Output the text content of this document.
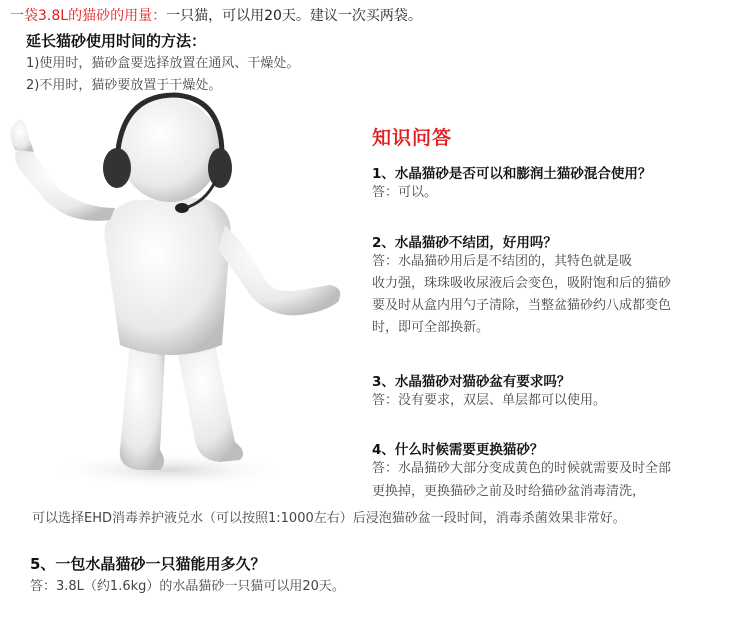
一袋3.8L的猫砂的用量：一只猫，可以用20天。建议一次买两袋。
延长猫砂使用时间的方法：
1)使用时，猫砂盒要选择放置在通风、干燥处。
2)不用时，猫砂要放置于干燥处。
知识问答
1、水晶猫砂是否可以和膨润土猫砂混合使用？
答：可以。
2、水晶猫砂不结团，好用吗？
答：水晶猫砂用后是不结团的，其特色就是吸
收力强，珠珠吸收尿液后会变色，吸附饱和后的猫砂
要及时从盒内用勺子清除，当整盆猫砂约八成都变色
时，即可全部换新。
3、水晶猫砂对猫砂盆有要求吗？
答：没有要求，双层、单层都可以使用。
4、什么时候需要更换猫砂？
答：水晶猫砂大部分变成黄色的时候就需要及时全部
更换掉，更换猫砂之前及时给猫砂盆消毒清洗，
可以选择EHD消毒养护液兑水（可以按照1:1000左右）后浸泡猫砂盆一段时间，消毒杀菌效果非常好。
5、一包水晶猫砂一只猫能用多久？
答：3.8L（约1.6kg）的水晶猫砂一只猫可以用20天。
